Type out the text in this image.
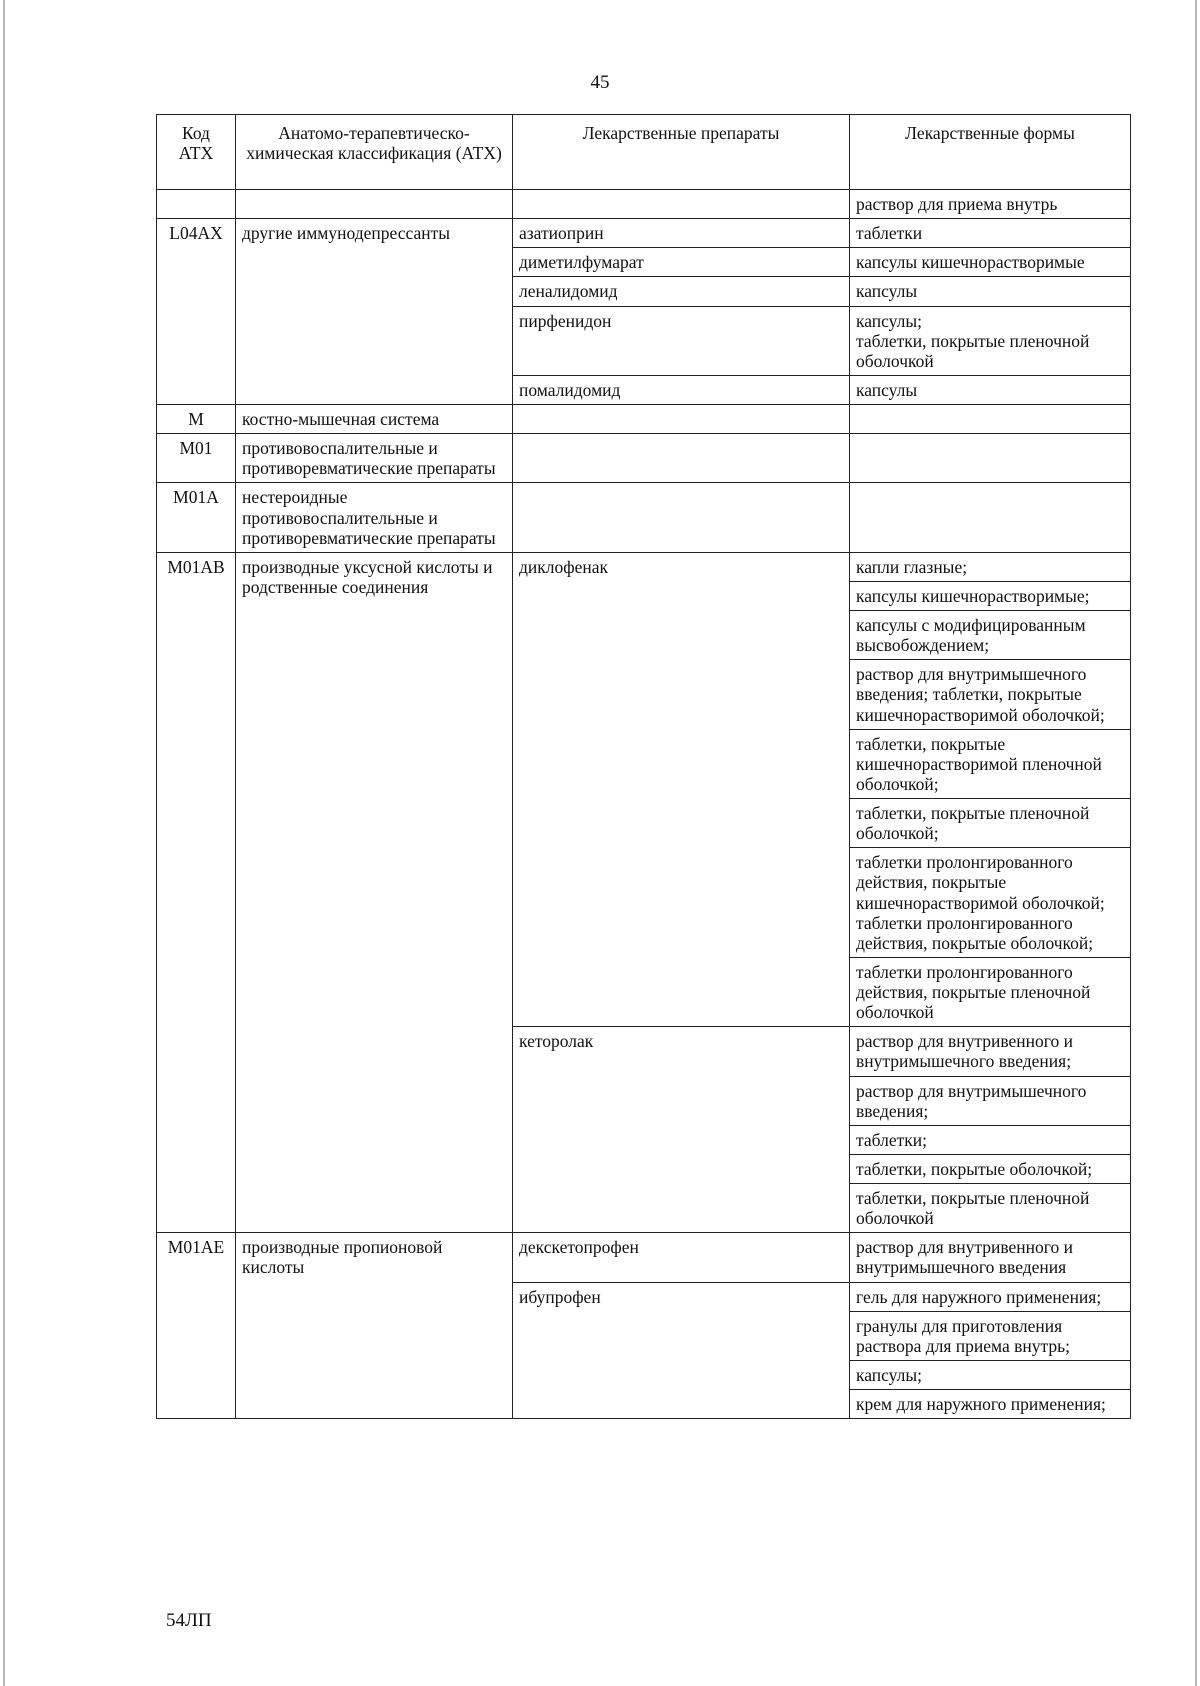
45
Код АТХ	Анатомо-терапевтическо-химическая классификация (АТХ)	Лекарственные препараты	Лекарственные формы
			раствор для приема внутрь
L04AX	другие иммунодепрессанты	азатиоприн	таблетки
		диметилфумарат	капсулы кишечнорастворимые
		леналидомид	капсулы
		пирфенидон	капсулы;
таблетки, покрытые пленочной оболочкой
		помалидомид	капсулы
M	костно-мышечная система		
M01	противовоспалительные и противоревматические препараты		
M01A	нестероидные противовоспалительные и противоревматические препараты		
M01AB	производные уксусной кислоты и родственные соединения	диклофенак	капли глазные;
			капсулы кишечнорастворимые;
			капсулы с модифицированным высвобождением;
			раствор для внутримышечного введения; таблетки, покрытые кишечнорастворимой оболочкой;
			таблетки, покрытые кишечнорастворимой пленочной оболочкой;
			таблетки, покрытые пленочной оболочкой;
			таблетки пролонгированного действия, покрытые кишечнорастворимой оболочкой; таблетки пролонгированного действия, покрытые оболочкой;
			таблетки пролонгированного действия, покрытые пленочной оболочкой
		кеторолак	раствор для внутривенного и внутримышечного введения;
			раствор для внутримышечного введения;
			таблетки;
			таблетки, покрытые оболочкой;
			таблетки, покрытые пленочной оболочкой
M01AE	производные пропионовой кислоты	декскетопрофен	раствор для внутривенного и внутримышечного введения
		ибупрофен	гель для наружного применения;
			гранулы для приготовления раствора для приема внутрь;
			капсулы;
			крем для наружного применения;
54ЛП
